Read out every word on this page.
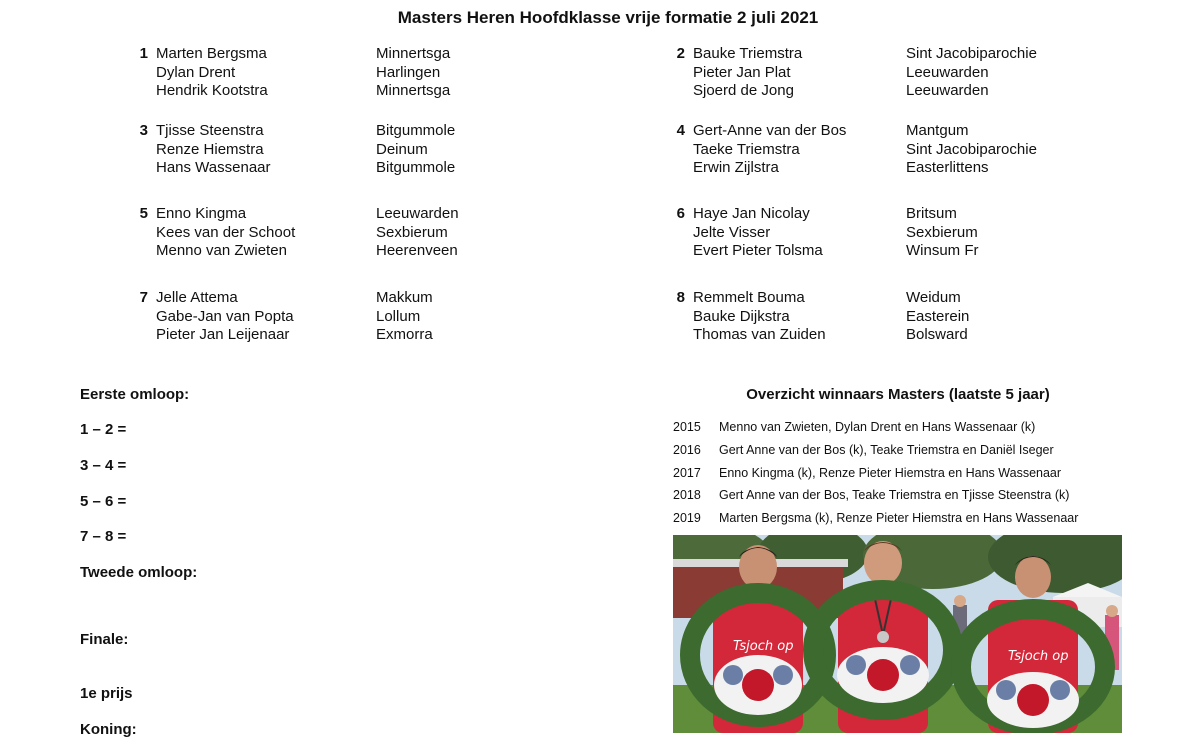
Masters Heren Hoofdklasse vrije formatie 2 juli 2021
1 Marten Bergsma
Dylan Drent
Hendrik Kootstra
Minnertsga
Harlingen
Minnertsga
2 Bauke Triemstra
Pieter Jan Plat
Sjoerd de Jong
Sint Jacobiparochie
Leeuwarden
Leeuwarden
3 Tjisse Steenstra
Renze Hiemstra
Hans Wassenaar
Bitgummole
Deinum
Bitgummole
4 Gert-Anne van der Bos
Taeke Triemstra
Erwin Zijlstra
Mantgum
Sint Jacobiparochie
Easterlittens
5 Enno Kingma
Kees van der Schoot
Menno van Zwieten
Leeuwarden
Sexbierum
Heerenveen
6 Haye Jan Nicolay
Jelte Visser
Evert Pieter Tolsma
Britsum
Sexbierum
Winsum Fr
7 Jelle Attema
Gabe-Jan van Popta
Pieter Jan Leijenaar
Makkum
Lollum
Exmorra
8 Remmelt Bouma
Bauke Dijkstra
Thomas van Zuiden
Weidum
Easterein
Bolsward
Eerste omloop:
1 – 2 =
3 – 4 =
5 – 6 =
7 – 8 =
Tweede omloop:
Finale:
1e prijs
Koning:
Overzicht winnaars Masters (laatste 5 jaar)
2015 Menno van Zwieten, Dylan Drent en Hans Wassenaar (k)
2016 Gert Anne van der Bos (k), Teake Triemstra en Daniël Iseger
2017 Enno Kingma (k), Renze Pieter Hiemstra en Hans Wassenaar
2018 Gert Anne van der Bos, Teake Triemstra en Tjisse Steenstra (k)
2019 Marten Bergsma (k), Renze Pieter Hiemstra en Hans Wassenaar
Tsjoch op
Tsjoch op
